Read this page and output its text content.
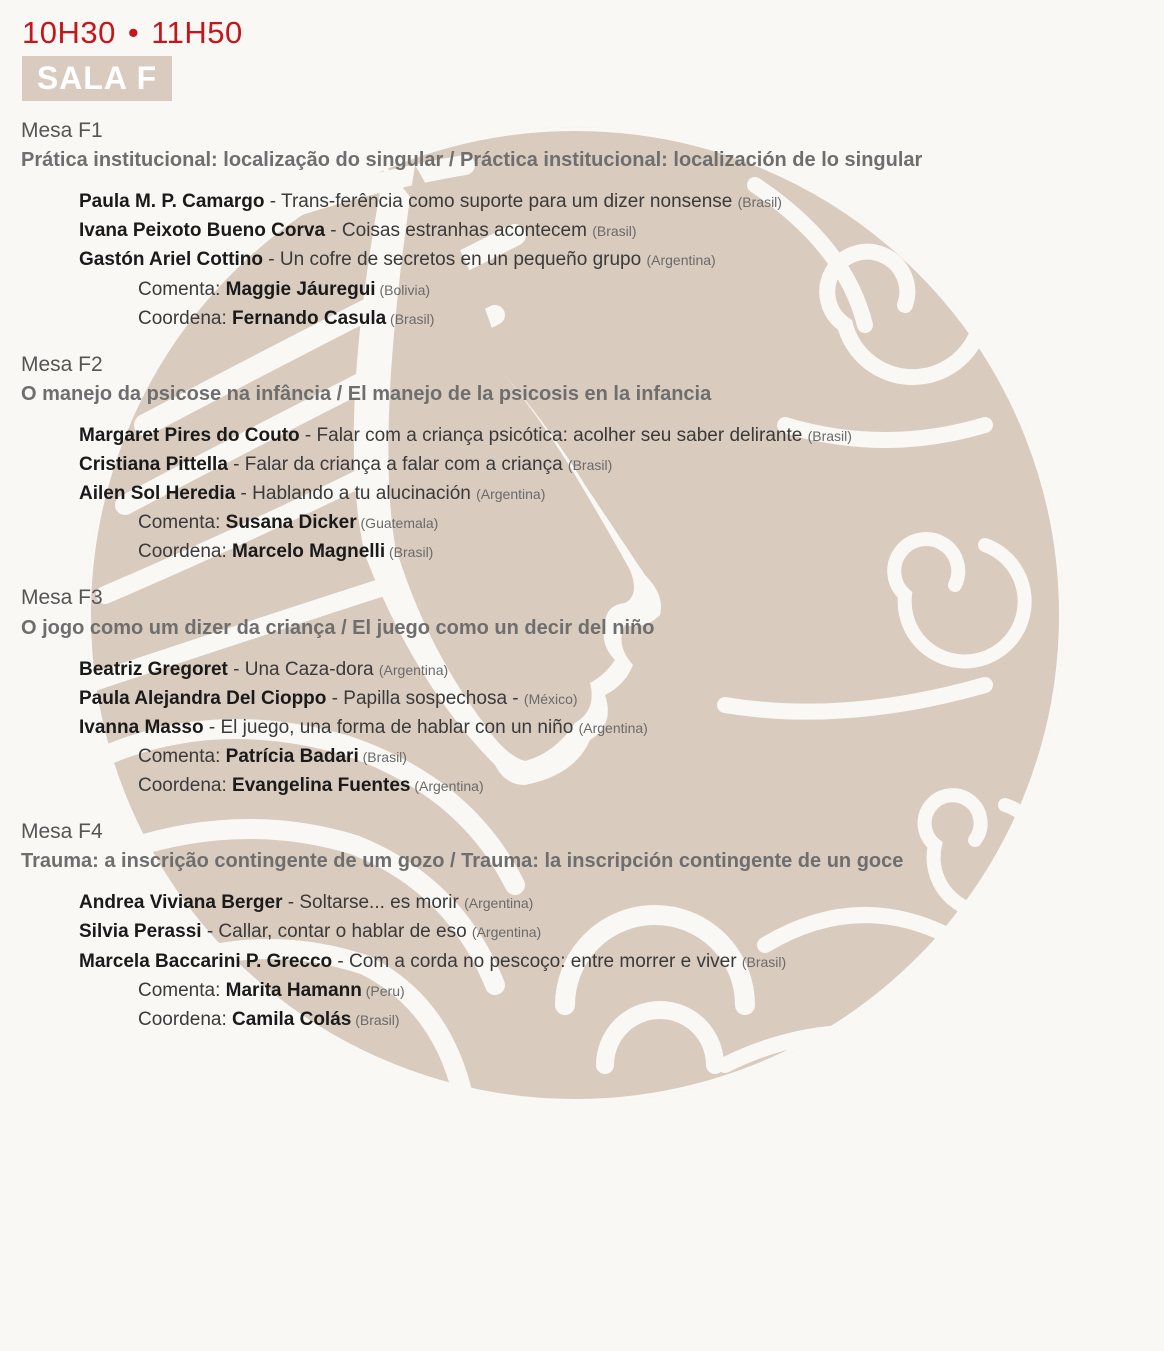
10H30 • 11H50
SALA F
Mesa F1
Prática institucional: localização do singular / Práctica institucional: localización de lo singular
Paula M. P. Camargo - Trans-ferência como suporte para um dizer nonsense (Brasil)
Ivana Peixoto Bueno Corva - Coisas estranhas acontecem (Brasil)
Gastón Ariel Cottino - Un cofre de secretos en un pequeño grupo (Argentina)
Comenta: Maggie Jáuregui (Bolivia)
Coordena: Fernando Casula (Brasil)
Mesa F2
O manejo da psicose na infância / El manejo de la psicosis en la infancia
Margaret Pires do Couto - Falar com a criança psicótica: acolher seu saber delirante (Brasil)
Cristiana Pittella - Falar da criança a falar com a criança (Brasil)
Ailen Sol Heredia - Hablando a tu alucinación (Argentina)
Comenta: Susana Dicker (Guatemala)
Coordena: Marcelo Magnelli (Brasil)
Mesa F3
O jogo como um dizer da criança / El juego como un decir del niño
Beatriz Gregoret - Una Caza-dora (Argentina)
Paula Alejandra Del Cioppo - Papilla sospechosa - (México)
Ivanna Masso - El juego, una forma de hablar con un niño (Argentina)
Comenta: Patrícia Badari (Brasil)
Coordena: Evangelina Fuentes (Argentina)
Mesa F4
Trauma: a inscrição contingente de um gozo / Trauma: la inscripción contingente de un goce
Andrea Viviana Berger - Soltarse... es morir (Argentina)
Silvia Perassi - Callar, contar o hablar de eso (Argentina)
Marcela Baccarini P. Grecco - Com a corda no pescoço: entre morrer e viver (Brasil)
Comenta: Marita Hamann (Peru)
Coordena: Camila Colás (Brasil)
